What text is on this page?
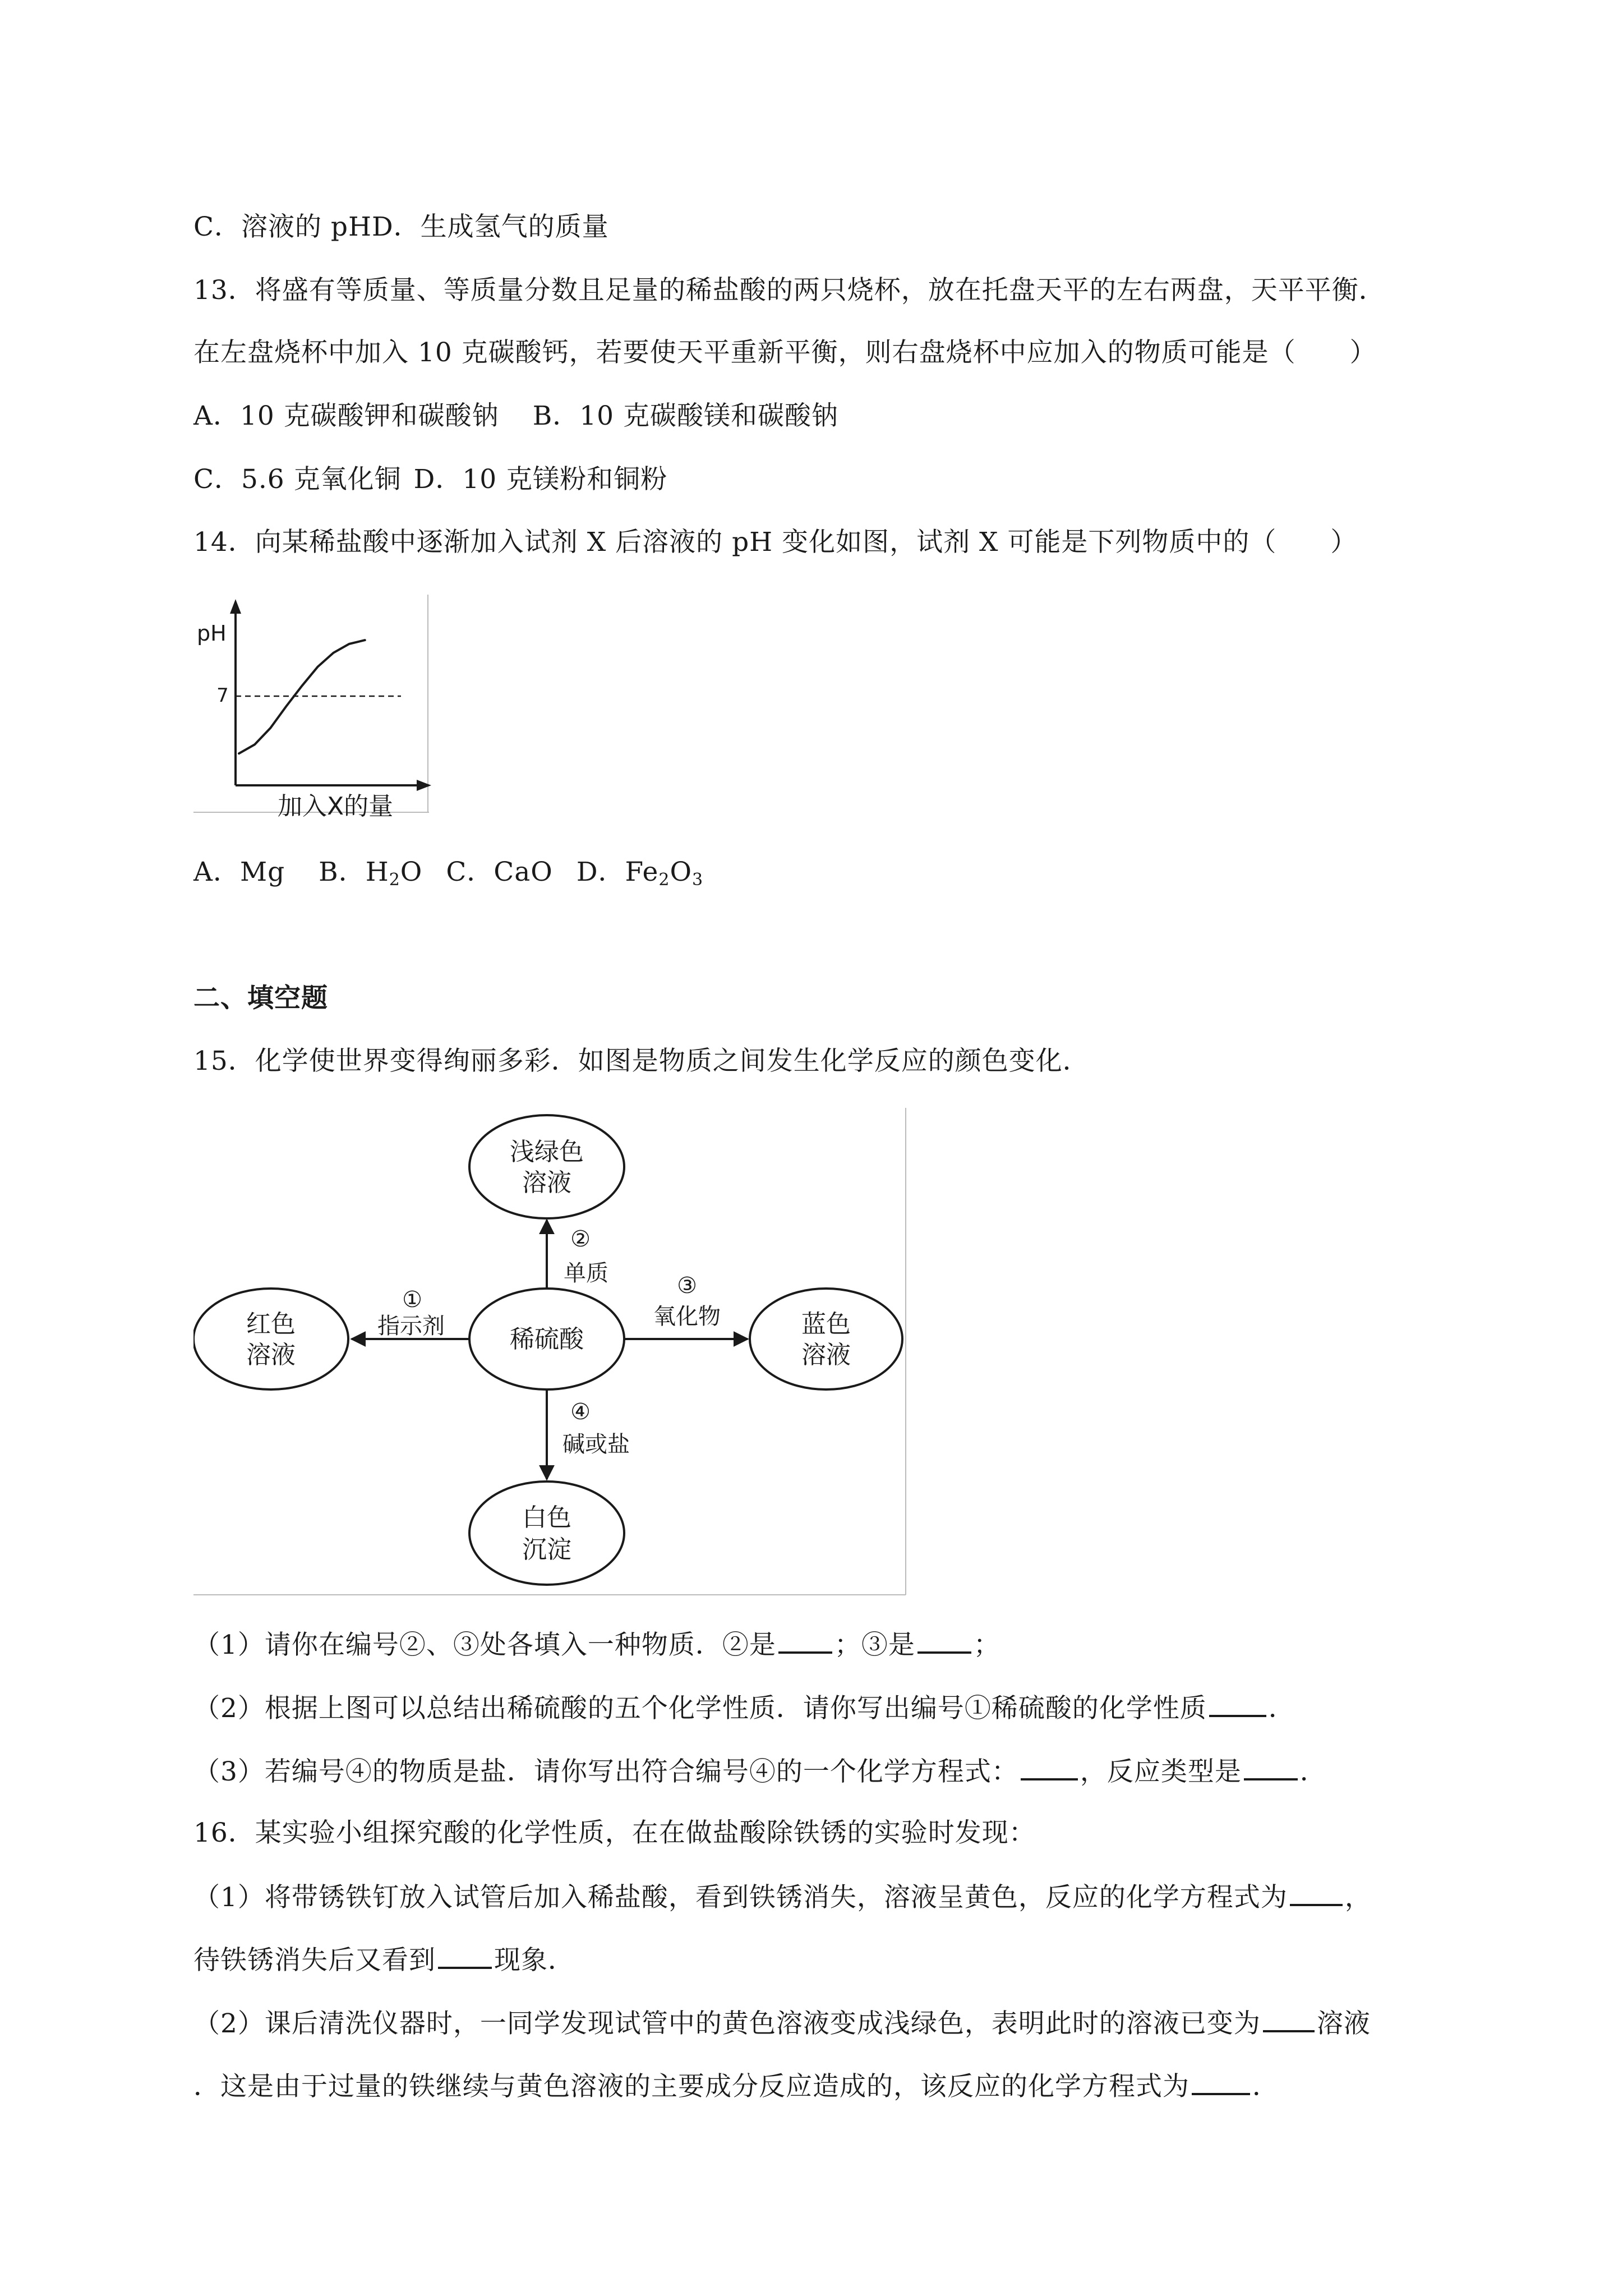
C．溶液的 pHD．生成氢气的质量
13．将盛有等质量、等质量分数且足量的稀盐酸的两只烧杯，放在托盘天平的左右两盘，天平平衡．
在左盘烧杯中加入 10 克碳酸钙，若要使天平重新平衡，则右盘烧杯中应加入的物质可能是（　　）
A．10 克碳酸钾和碳酸钠 B．10 克碳酸镁和碳酸钠
C．5.6 克氧化铜 D．10 克镁粉和铜粉
14．向某稀盐酸中逐渐加入试剂 X 后溶液的 pH 变化如图，试剂 X 可能是下列物质中的（　　）
7
pH
加入X的量
A．Mg B．$H_2O$ C．CaO D．$Fe_2O_3$
二、填空题
15．化学使世界变得绚丽多彩．如图是物质之间发生化学反应的颜色变化．
稀硫酸
浅绿色
溶液
红色
溶液
蓝色
溶液
白色
沉淀
①
指示剂
②
单质	③
氧化物
④
碱或盐
（1）请你在编号②、③处各填入一种物质．②是 ；③是 ；
（2）根据上图可以总结出稀硫酸的五个化学性质．请你写出编号①稀硫酸的化学性质 ．
（3）若编号④的物质是盐．请你写出符合编号④的一个化学方程式： ，反应类型是 ．
16．某实验小组探究酸的化学性质，在在做盐酸除铁锈的实验时发现：
（1）将带锈铁钉放入试管后加入稀盐酸，看到铁锈消失，溶液呈黄色，反应的化学方程式为 ，
待铁锈消失后又看到 现象．
（2）课后清洗仪器时，一同学发现试管中的黄色溶液变成浅绿色，表明此时的溶液已变为 溶液
．这是由于过量的铁继续与黄色溶液的主要成分反应造成的，该反应的化学方程式为 ．
